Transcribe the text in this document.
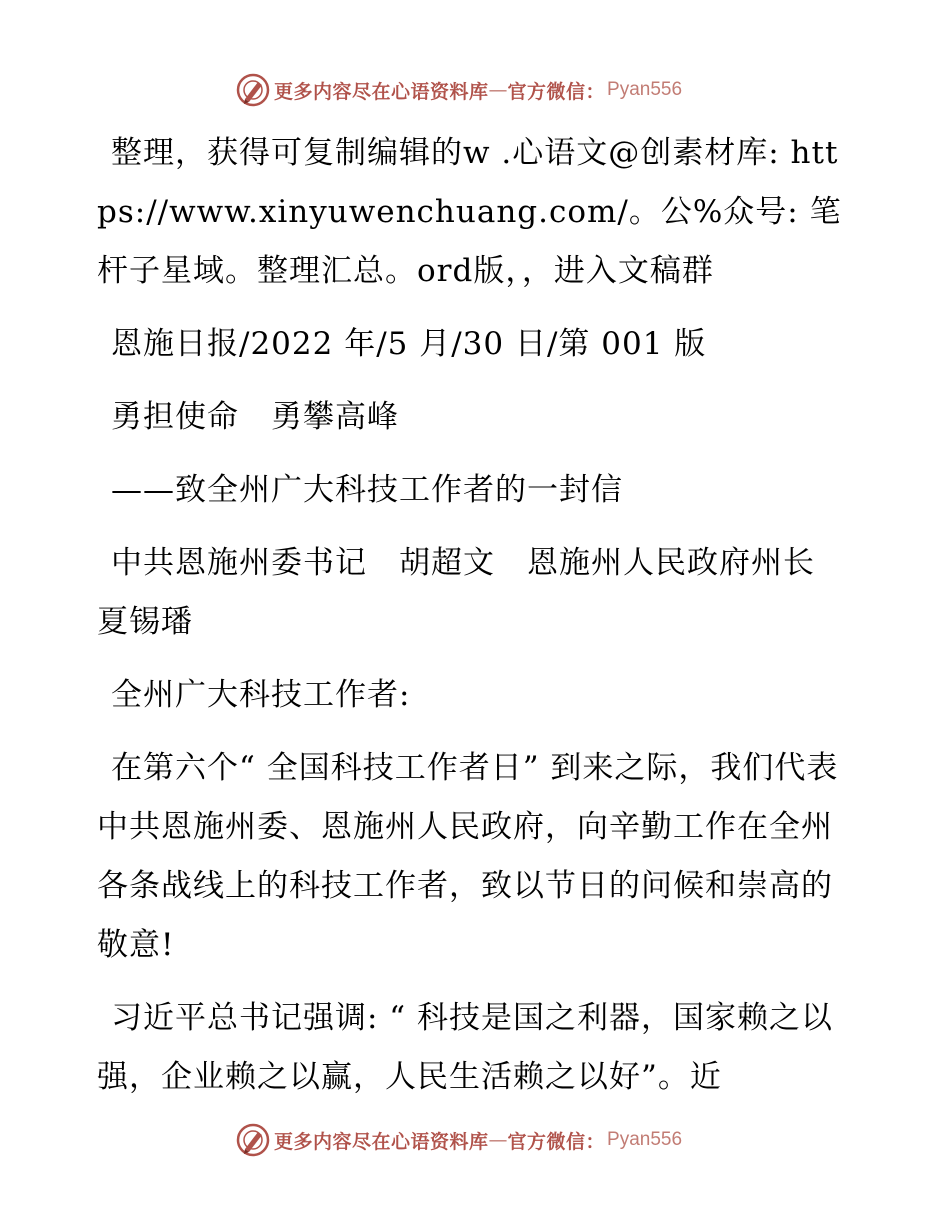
更多内容尽在心语资料库 — 官方微信： Pyan556

整理，获得可复制编辑的w .心语文@创素材库: https://www.xinyuwenchuang.com/。公%众号: 笔杆子星域。整理汇总。ord版，，进入文稿群

恩施日报/2022 年/5 月/30 日/第 001 版

勇担使命　勇攀高峰

——致全州广大科技工作者的一封信

中共恩施州委书记　胡超文　恩施州人民政府州长　夏锡璠

全州广大科技工作者:

在第六个“ 全国科技工作者日” 到来之际，我们代表中共恩施州委、恩施州人民政府，向辛勤工作在全州各条战线上的科技工作者，致以节日的问候和崇高的敬意!

习近平总书记强调: “ 科技是国之利器，国家赖之以强，企业赖之以赢，人民生活赖之以好”。近

更多内容尽在心语资料库 — 官方微信： Pyan556
